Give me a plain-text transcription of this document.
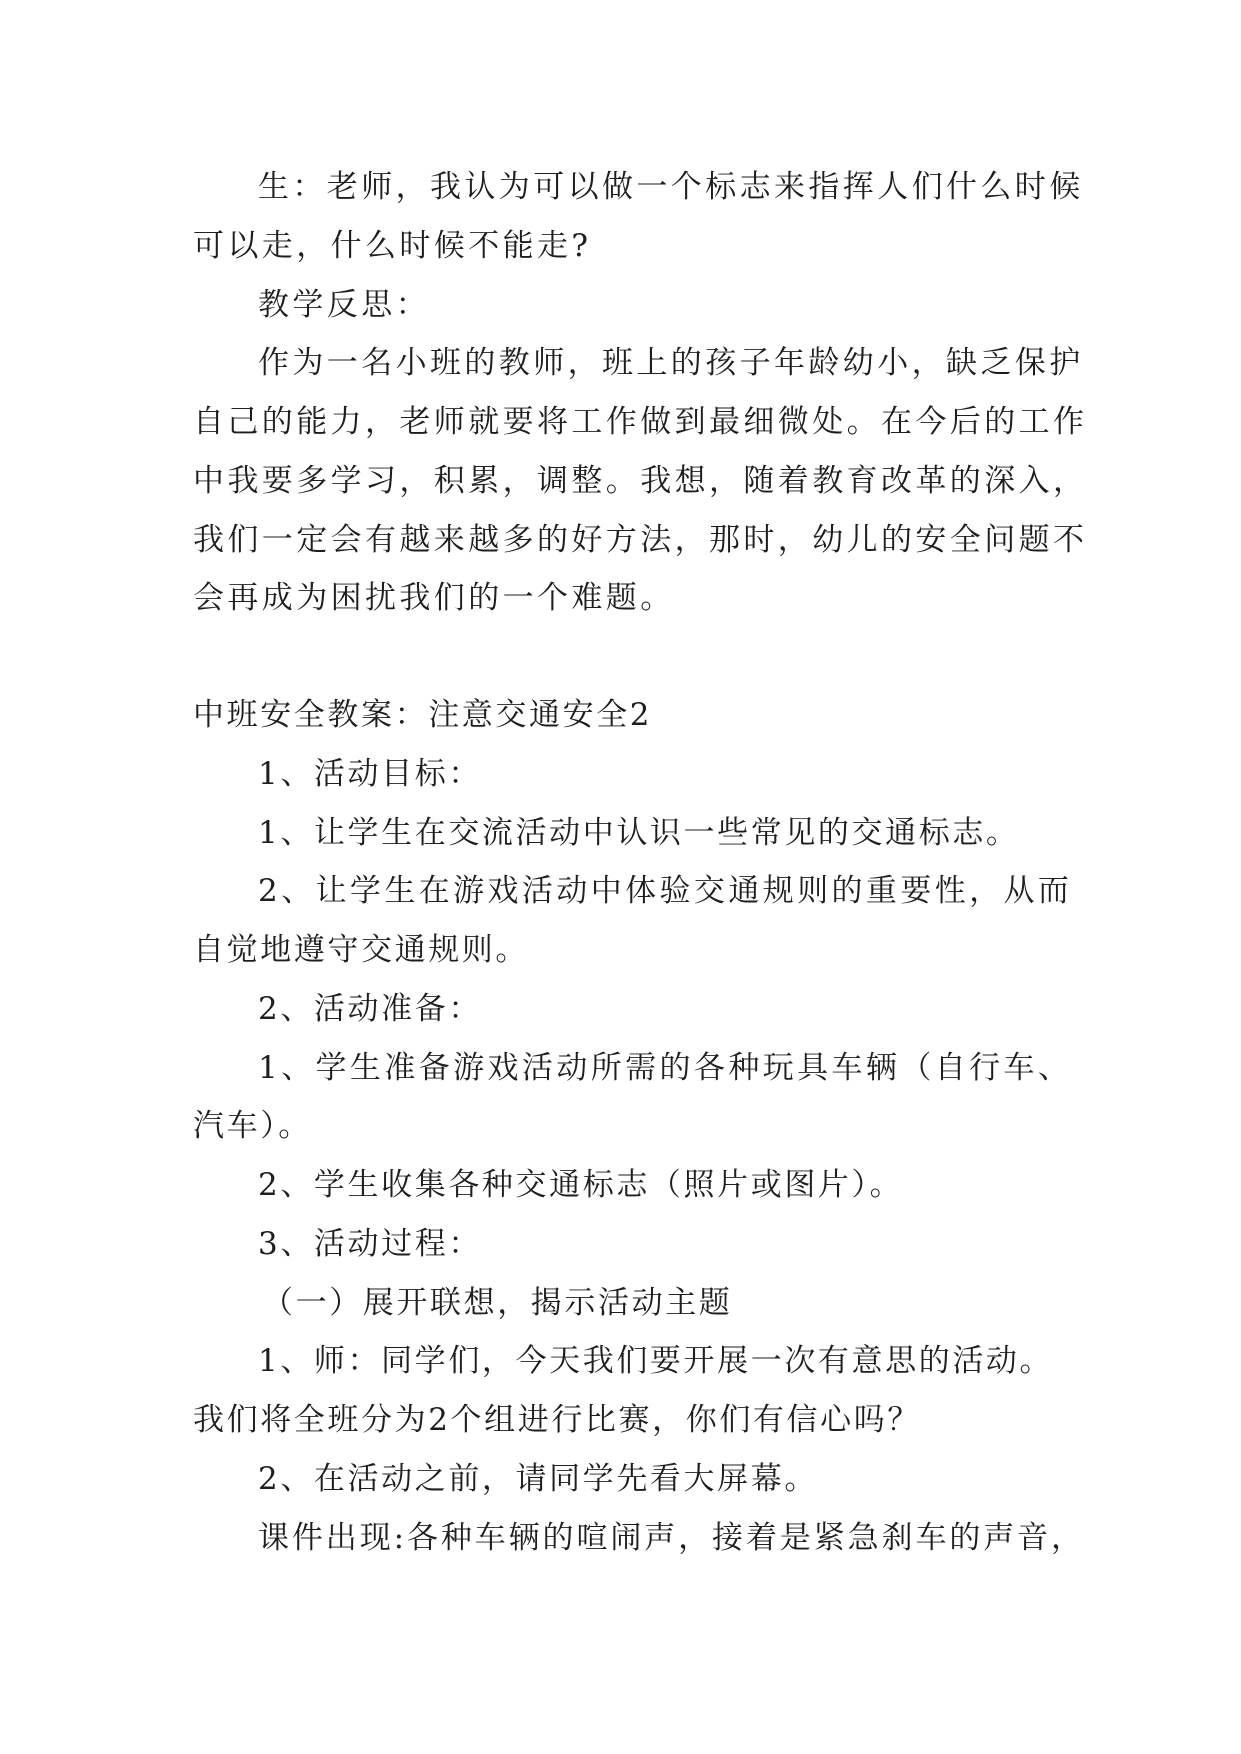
生：老师，我认为可以做一个标志来指挥人们什么时候

可以走，什么时候不能走?

教学反思：

作为一名小班的教师，班上的孩子年龄幼小，缺乏保护

自己的能力，老师就要将工作做到最细微处。在今后的工作

中我要多学习，积累，调整。我想，随着教育改革的深入，

我们一定会有越来越多的好方法，那时，幼儿的安全问题不

会再成为困扰我们的一个难题。

中班安全教案：注意交通安全2

1、活动目标：

1、让学生在交流活动中认识一些常见的交通标志。

2、让学生在游戏活动中体验交通规则的重要性，从而

自觉地遵守交通规则。

2、活动准备：

1、学生准备游戏活动所需的各种玩具车辆（自行车、

汽车）。

2、学生收集各种交通标志（照片或图片）。

3、活动过程：

（一）展开联想，揭示活动主题

1、师：同学们，今天我们要开展一次有意思的活动。

我们将全班分为2个组进行比赛，你们有信心吗？

2、在活动之前，请同学先看大屏幕。

课件出现:各种车辆的喧闹声，接着是紧急刹车的声音，
